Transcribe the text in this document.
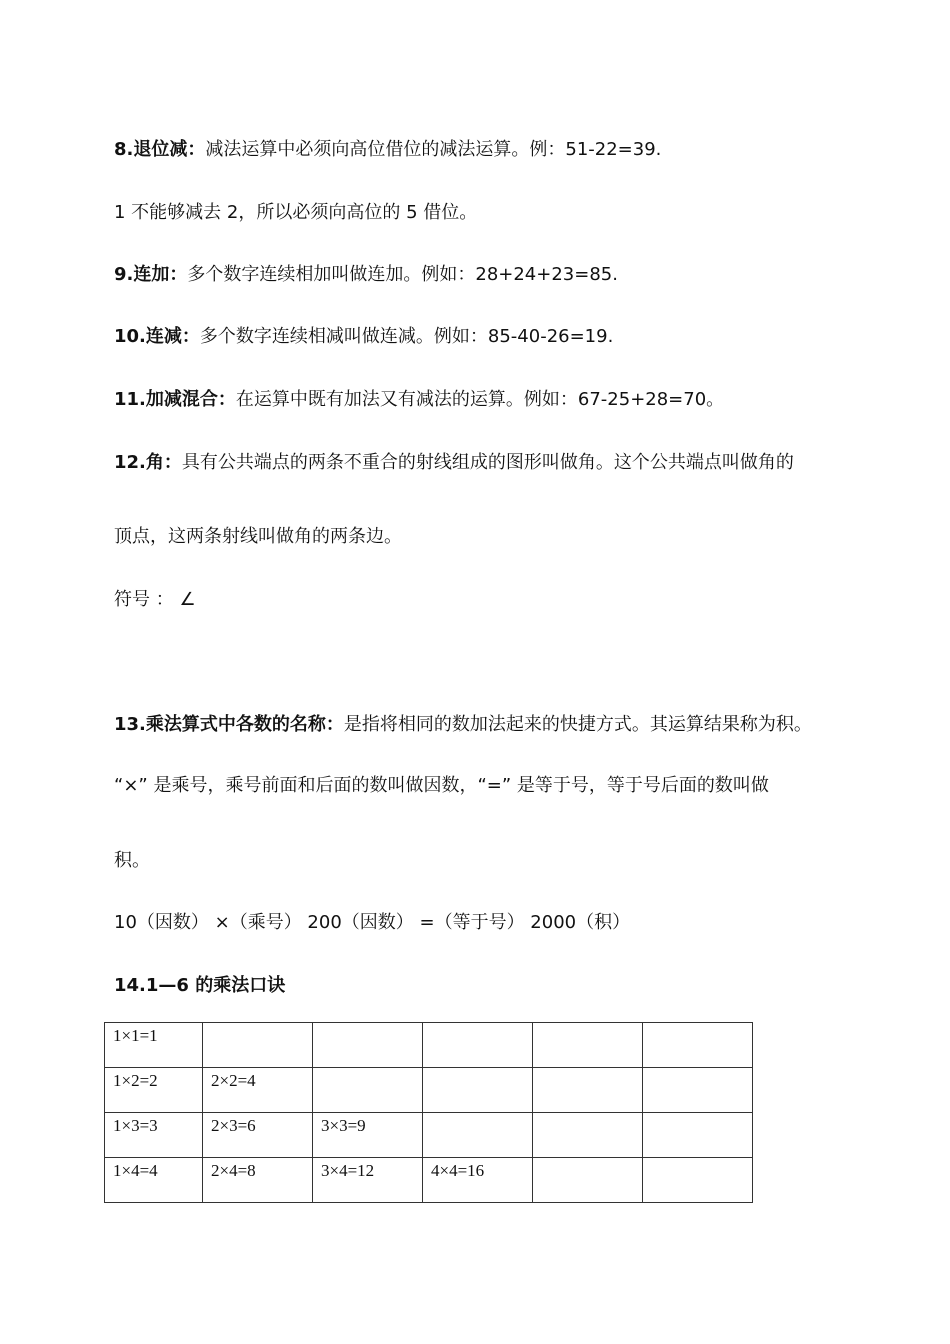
8.退位减：减法运算中必须向高位借位的减法运算。例：51-22=39.
1 不能够减去 2，所以必须向高位的 5 借位。
9.连加：多个数字连续相加叫做连加。例如：28+24+23=85.
10.连减：多个数字连续相减叫做连减。例如：85-40-26=19.
11.加减混合：在运算中既有加法又有减法的运算。例如：67-25+28=70。
12.角：具有公共端点的两条不重合的射线组成的图形叫做角。这个公共端点叫做角的
顶点，这两条射线叫做角的两条边。
符号 ： ∠
13.乘法算式中各数的名称：是指将相同的数加法起来的快捷方式。其运算结果称为积。
“×” 是乘号，乘号前面和后面的数叫做因数，“=” 是等于号，等于号后面的数叫做
积。
10（因数） ×（乘号） 200（因数） =（等于号） 2000（积）
14.1—6 的乘法口诀
1×1=1					
1×2=2	2×2=4				
1×3=3	2×3=6	3×3=9			
1×4=4	2×4=8	3×4=12	4×4=16		
